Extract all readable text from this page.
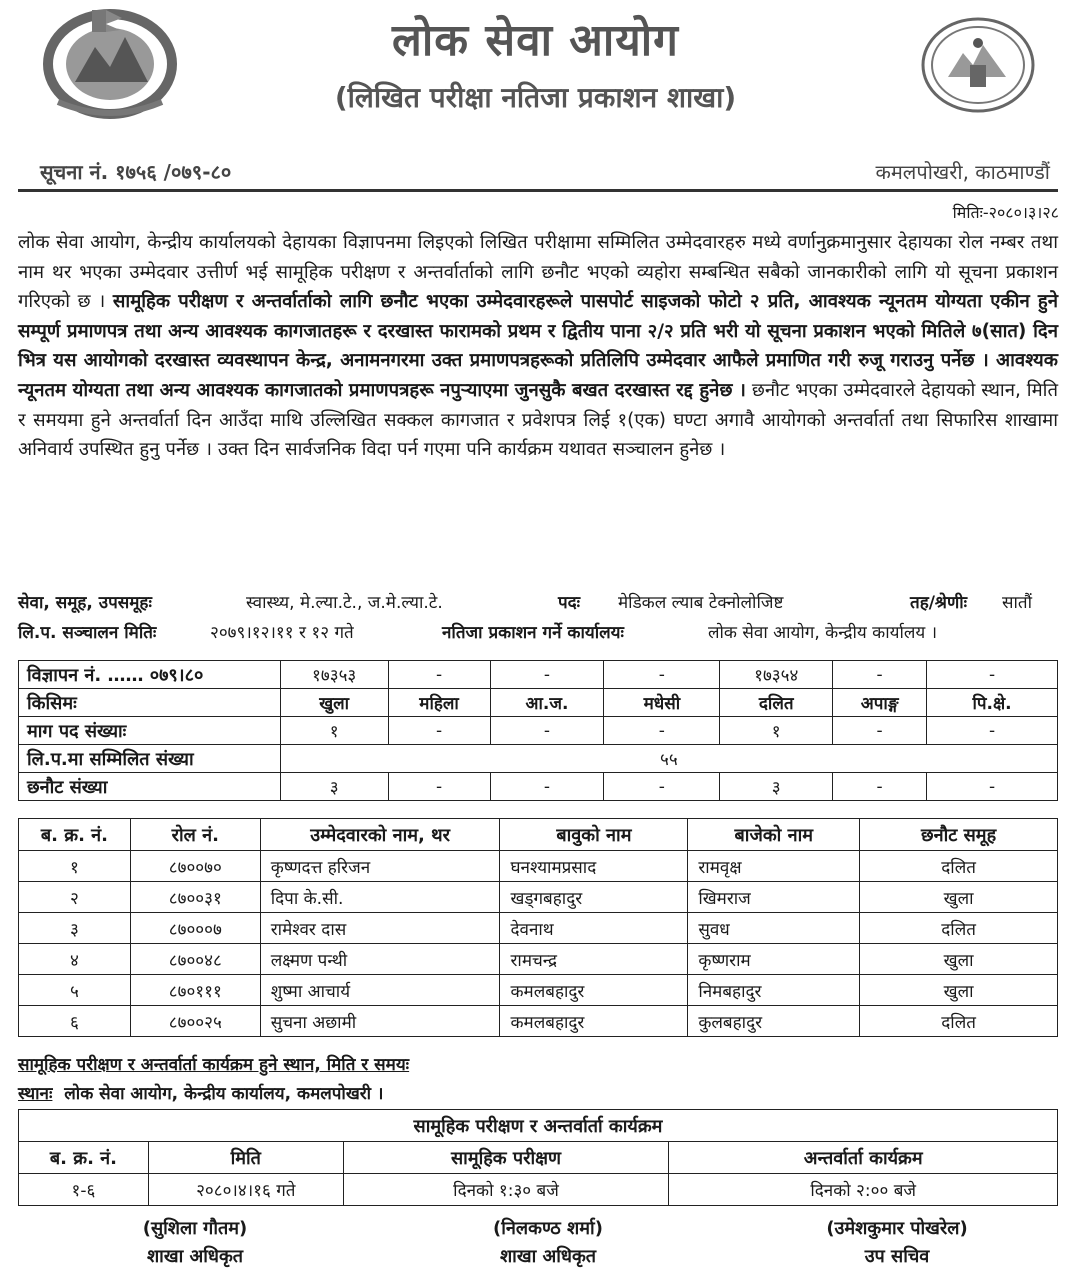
लोक सेवा आयोग
(लिखित परीक्षा नतिजा प्रकाशन शाखा)
सूचना नं. १७५६ /०७९-८०	कमलपोखरी, काठमाण्डौं
मितिः-२०८०।३।२८
लोक सेवा आयोग, केन्द्रीय कार्यालयको देहायका विज्ञापनमा लिइएको लिखित परीक्षामा सम्मिलित उम्मेदवारहरु मध्ये वर्णानुक्रमानुसार देहायका रोल नम्बर तथा नाम थर भएका उम्मेदवार उत्तीर्ण भई सामूहिक परीक्षण र अन्तर्वार्ताको लागि छनौट भएको व्यहोरा सम्बन्धित सबैको जानकारीको लागि यो सूचना प्रकाशन गरिएको छ । सामूहिक परीक्षण र अन्तर्वार्ताको लागि छनौट भएका उम्मेदवारहरूले पासपोर्ट साइजको फोटो २ प्रति, आवश्यक न्यूनतम योग्यता एकीन हुने सम्पूर्ण प्रमाणपत्र तथा अन्य आवश्यक कागजातहरू र दरखास्त फारामको प्रथम र द्वितीय पाना २/२ प्रति भरी यो सूचना प्रकाशन भएको मितिले ७(सात) दिन भित्र यस आयोगको दरखास्त व्यवस्थापन केन्द्र, अनामनगरमा उक्त प्रमाणपत्रहरूको प्रतिलिपि उम्मेदवार आफैले प्रमाणित गरी रुजू गराउनु पर्नेछ । आवश्यक न्यूनतम योग्यता तथा अन्य आवश्यक कागजातको प्रमाणपत्रहरू नपुऱ्याएमा जुनसुकै बखत दरखास्त रद्द हुनेछ । छनौट भएका उम्मेदवारले देहायको स्थान, मिति र समयमा हुने अन्तर्वार्ता दिन आउँदा माथि उल्लिखित सक्कल कागजात र प्रवेशपत्र लिई १(एक) घण्टा अगावै आयोगको अन्तर्वार्ता तथा सिफारिस शाखामा अनिवार्य उपस्थित हुनु पर्नेछ । उक्त दिन सार्वजनिक विदा पर्न गएमा पनि कार्यक्रम यथावत सञ्चालन हुनेछ ।
सेवा, समूह, उपसमूहः	स्वास्थ्य, मे.ल्या.टे., ज.मे.ल्या.टे.	पदः मेडिकल ल्याब टेक्नोलोजिष्ट	तह/श्रेणीः सातौं
लि.प. सञ्चालन मितिः	२०७९।१२।११ र १२ गते	नतिजा प्रकाशन गर्ने कार्यालयः	लोक सेवा आयोग, केन्द्रीय कार्यालय ।
विज्ञापन नं. …… ०७९।८०	१७३५३	-	-	-	१७३५४	-	-
किसिमः	खुला	महिला	आ.ज.	मधेसी	दलित	अपाङ्ग	पि.क्षे.
माग पद संख्याः	१	-	-	-	१	-	-
लि.प.मा सम्मिलित संख्या	५५						
छनौट संख्या	३	-	-	-	३	-	-
ब. क्र. नं.	रोल नं.	उम्मेदवारको नाम, थर	बावुको नाम	बाजेको नाम	छनौट समूह
१	८७००७०	कृष्णदत्त हरिजन	घनश्यामप्रसाद	रामवृक्ष	दलित
२	८७००३१	दिपा के.सी.	खड्गबहादुर	खिमराज	खुला
३	८७०००७	रामेश्वर दास	देवनाथ	सुवध	दलित
४	८७००४८	लक्ष्मण पन्थी	रामचन्द्र	कृष्णराम	खुला
५	८७०१११	शुष्मा आचार्य	कमलबहादुर	निमबहादुर	खुला
६	८७००२५	सुचना अछामी	कमलबहादुर	कुलबहादुर	दलित
सामूहिक परीक्षण र अन्तर्वार्ता कार्यक्रम हुने स्थान, मिति र समयः
स्थानः लोक सेवा आयोग, केन्द्रीय कार्यालय, कमलपोखरी ।
सामूहिक परीक्षण र अन्तर्वार्ता कार्यक्रम			
ब. क्र. नं.	मिति	सामूहिक परीक्षण	अन्तर्वार्ता कार्यक्रम
१-६	२०८०।४।१६ गते	दिनको १:३० बजे	दिनको २:०० बजे
(सुशिला गौतम)
शाखा अधिकृत
(निलकण्ठ शर्मा)
शाखा अधिकृत
(उमेशकुमार पोखरेल)
उप सचिव
